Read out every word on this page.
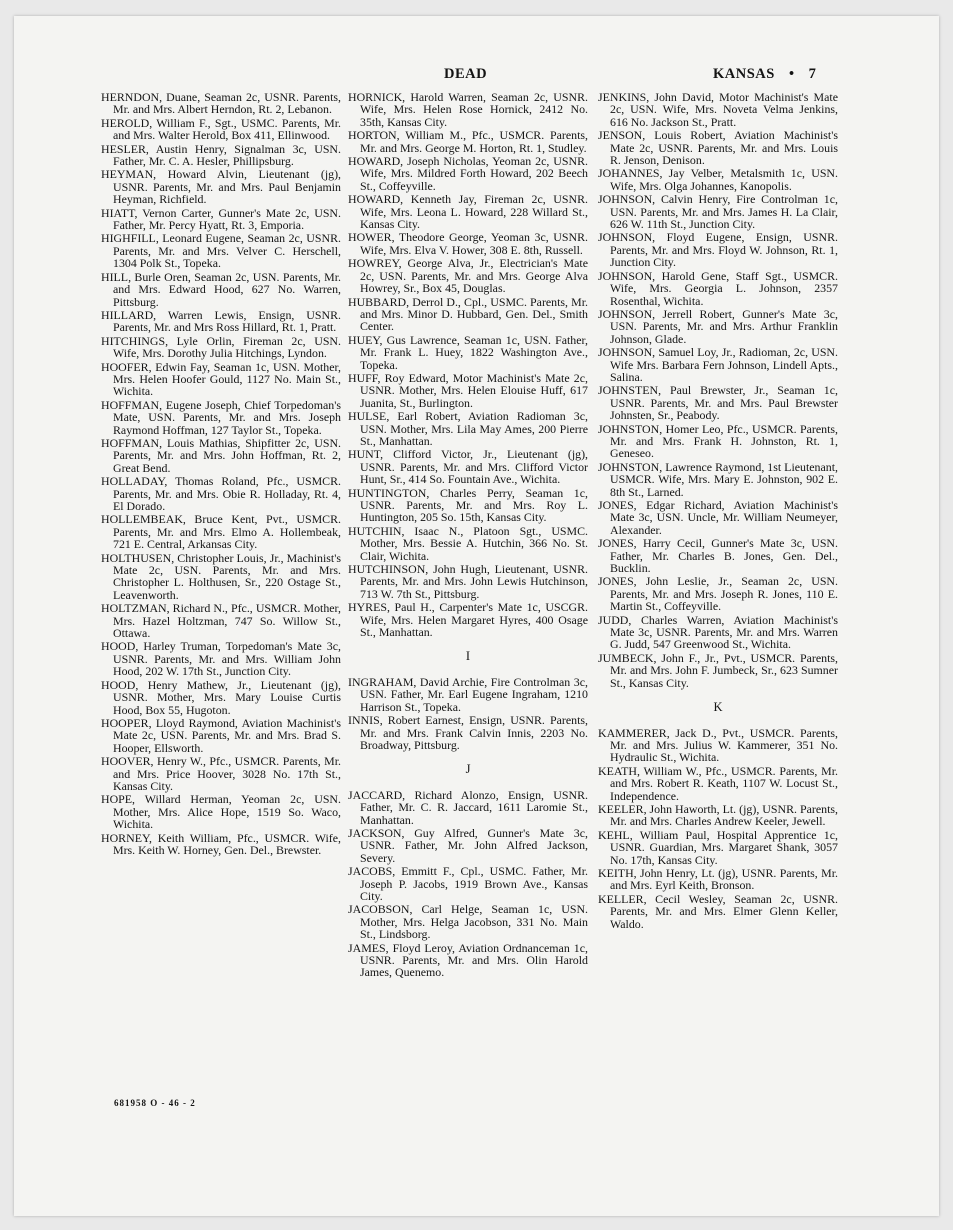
DEAD	KANSAS • 7
HERNDON, Duane, Seaman 2c, USNR. Parents, Mr. and Mrs. Albert Herndon, Rt. 2, Lebanon.
HEROLD, William F., Sgt., USMC. Parents, Mr. and Mrs. Walter Herold, Box 411, Ellinwood.
HESLER, Austin Henry, Signalman 3c, USN. Father, Mr. C. A. Hesler, Phillipsburg.
HEYMAN, Howard Alvin, Lieutenant (jg), USNR. Parents, Mr. and Mrs. Paul Benjamin Heyman, Richfield.
HIATT, Vernon Carter, Gunner's Mate 2c, USN. Father, Mr. Percy Hyatt, Rt. 3, Emporia.
HIGHFILL, Leonard Eugene, Seaman 2c, USNR. Parents, Mr. and Mrs. Velver C. Herschell, 1304 Polk St., Topeka.
HILL, Burle Oren, Seaman 2c, USN. Parents, Mr. and Mrs. Edward Hood, 627 No. Warren, Pittsburg.
HILLARD, Warren Lewis, Ensign, USNR. Parents, Mr. and Mrs Ross Hillard, Rt. 1, Pratt.
HITCHINGS, Lyle Orlin, Fireman 2c, USN. Wife, Mrs. Dorothy Julia Hitchings, Lyndon.
HOOFER, Edwin Fay, Seaman 1c, USN. Mother, Mrs. Helen Hoofer Gould, 1127 No. Main St., Wichita.
HOFFMAN, Eugene Joseph, Chief Torpedoman's Mate, USN. Parents, Mr. and Mrs. Joseph Raymond Hoffman, 127 Taylor St., Topeka.
HOFFMAN, Louis Mathias, Shipfitter 2c, USN. Parents, Mr. and Mrs. John Hoffman, Rt. 2, Great Bend.
HOLLADAY, Thomas Roland, Pfc., USMCR. Parents, Mr. and Mrs. Obie R. Holladay, Rt. 4, El Dorado.
HOLLEMBEAK, Bruce Kent, Pvt., USMCR. Parents, Mr. and Mrs. Elmo A. Hollembeak, 721 E. Central, Arkansas City.
HOLTHUSEN, Christopher Louis, Jr., Machinist's Mate 2c, USN. Parents, Mr. and Mrs. Christopher L. Holthusen, Sr., 220 Ostage St., Leavenworth.
HOLTZMAN, Richard N., Pfc., USMCR. Mother, Mrs. Hazel Holtzman, 747 So. Willow St., Ottawa.
HOOD, Harley Truman, Torpedoman's Mate 3c, USNR. Parents, Mr. and Mrs. William John Hood, 202 W. 17th St., Junction City.
HOOD, Henry Mathew, Jr., Lieutenant (jg), USNR. Mother, Mrs. Mary Louise Curtis Hood, Box 55, Hugoton.
HOOPER, Lloyd Raymond, Aviation Machinist's Mate 2c, USN. Parents, Mr. and Mrs. Brad S. Hooper, Ellsworth.
HOOVER, Henry W., Pfc., USMCR. Parents, Mr. and Mrs. Price Hoover, 3028 No. 17th St., Kansas City.
HOPE, Willard Herman, Yeoman 2c, USN. Mother, Mrs. Alice Hope, 1519 So. Waco, Wichita.
HORNEY, Keith William, Pfc., USMCR. Wife, Mrs. Keith W. Horney, Gen. Del., Brewster.
HORNICK, Harold Warren, Seaman 2c, USNR. Wife, Mrs. Helen Rose Hornick, 2412 No. 35th, Kansas City.
HORTON, William M., Pfc., USMCR. Parents, Mr. and Mrs. George M. Horton, Rt. 1, Studley.
HOWARD, Joseph Nicholas, Yeoman 2c, USNR. Wife, Mrs. Mildred Forth Howard, 202 Beech St., Coffeyville.
HOWARD, Kenneth Jay, Fireman 2c, USNR. Wife, Mrs. Leona L. Howard, 228 Willard St., Kansas City.
HOWER, Theodore George, Yeoman 3c, USNR. Wife, Mrs. Elva V. Hower, 308 E. 8th, Russell.
HOWREY, George Alva, Jr., Electrician's Mate 2c, USN. Parents, Mr. and Mrs. George Alva Howrey, Sr., Box 45, Douglas.
HUBBARD, Derrol D., Cpl., USMC. Parents, Mr. and Mrs. Minor D. Hubbard, Gen. Del., Smith Center.
HUEY, Gus Lawrence, Seaman 1c, USN. Father, Mr. Frank L. Huey, 1822 Washington Ave., Topeka.
HUFF, Roy Edward, Motor Machinist's Mate 2c, USNR. Mother, Mrs. Helen Elouise Huff, 617 Juanita, St., Burlington.
HULSE, Earl Robert, Aviation Radioman 3c, USN. Mother, Mrs. Lila May Ames, 200 Pierre St., Manhattan.
HUNT, Clifford Victor, Jr., Lieutenant (jg), USNR. Parents, Mr. and Mrs. Clifford Victor Hunt, Sr., 414 So. Fountain Ave., Wichita.
HUNTINGTON, Charles Perry, Seaman 1c, USNR. Parents, Mr. and Mrs. Roy L. Huntington, 205 So. 15th, Kansas City.
HUTCHIN, Isaac N., Platoon Sgt., USMC. Mother, Mrs. Bessie A. Hutchin, 366 No. St. Clair, Wichita.
HUTCHINSON, John Hugh, Lieutenant, USNR. Parents, Mr. and Mrs. John Lewis Hutchinson, 713 W. 7th St., Pittsburg.
HYRES, Paul H., Carpenter's Mate 1c, USCGR. Wife, Mrs. Helen Margaret Hyres, 400 Osage St., Manhattan.
I
INGRAHAM, David Archie, Fire Controlman 3c, USN. Father, Mr. Earl Eugene Ingraham, 1210 Harrison St., Topeka.
INNIS, Robert Earnest, Ensign, USNR. Parents, Mr. and Mrs. Frank Calvin Innis, 2203 No. Broadway, Pittsburg.
J
JACCARD, Richard Alonzo, Ensign, USNR. Father, Mr. C. R. Jaccard, 1611 Laromie St., Manhattan.
JACKSON, Guy Alfred, Gunner's Mate 3c, USNR. Father, Mr. John Alfred Jackson, Severy.
JACOBS, Emmitt F., Cpl., USMC. Father, Mr. Joseph P. Jacobs, 1919 Brown Ave., Kansas City.
JACOBSON, Carl Helge, Seaman 1c, USN. Mother, Mrs. Helga Jacobson, 331 No. Main St., Lindsborg.
JAMES, Floyd Leroy, Aviation Ordnanceman 1c, USNR. Parents, Mr. and Mrs. Olin Harold James, Quenemo.
JENKINS, John David, Motor Machinist's Mate 2c, USN. Wife, Mrs. Noveta Velma Jenkins, 616 No. Jackson St., Pratt.
JENSON, Louis Robert, Aviation Machinist's Mate 2c, USNR. Parents, Mr. and Mrs. Louis R. Jenson, Denison.
JOHANNES, Jay Velber, Metalsmith 1c, USN. Wife, Mrs. Olga Johannes, Kanopolis.
JOHNSON, Calvin Henry, Fire Controlman 1c, USN. Parents, Mr. and Mrs. James H. La Clair, 626 W. 11th St., Junction City.
JOHNSON, Floyd Eugene, Ensign, USNR. Parents, Mr. and Mrs. Floyd W. Johnson, Rt. 1, Junction City.
JOHNSON, Harold Gene, Staff Sgt., USMCR. Wife, Mrs. Georgia L. Johnson, 2357 Rosenthal, Wichita.
JOHNSON, Jerrell Robert, Gunner's Mate 3c, USN. Parents, Mr. and Mrs. Arthur Franklin Johnson, Glade.
JOHNSON, Samuel Loy, Jr., Radioman, 2c, USN. Wife Mrs. Barbara Fern Johnson, Lindell Apts., Salina.
JOHNSTEN, Paul Brewster, Jr., Seaman 1c, USNR. Parents, Mr. and Mrs. Paul Brewster Johnsten, Sr., Peabody.
JOHNSTON, Homer Leo, Pfc., USMCR. Parents, Mr. and Mrs. Frank H. Johnston, Rt. 1, Geneseo.
JOHNSTON, Lawrence Raymond, 1st Lieutenant, USMCR. Wife, Mrs. Mary E. Johnston, 902 E. 8th St., Larned.
JONES, Edgar Richard, Aviation Machinist's Mate 3c, USN. Uncle, Mr. William Neumeyer, Alexander.
JONES, Harry Cecil, Gunner's Mate 3c, USN. Father, Mr. Charles B. Jones, Gen. Del., Bucklin.
JONES, John Leslie, Jr., Seaman 2c, USN. Parents, Mr. and Mrs. Joseph R. Jones, 110 E. Martin St., Coffeyville.
JUDD, Charles Warren, Aviation Machinist's Mate 3c, USNR. Parents, Mr. and Mrs. Warren G. Judd, 547 Greenwood St., Wichita.
JUMBECK, John F., Jr., Pvt., USMCR. Parents, Mr. and Mrs. John F. Jumbeck, Sr., 623 Sumner St., Kansas City.
K
KAMMERER, Jack D., Pvt., USMCR. Parents, Mr. and Mrs. Julius W. Kammerer, 351 No. Hydraulic St., Wichita.
KEATH, William W., Pfc., USMCR. Parents, Mr. and Mrs. Robert R. Keath, 1107 W. Locust St., Independence.
KEELER, John Haworth, Lt. (jg), USNR. Parents, Mr. and Mrs. Charles Andrew Keeler, Jewell.
KEHL, William Paul, Hospital Apprentice 1c, USNR. Guardian, Mrs. Margaret Shank, 3057 No. 17th, Kansas City.
KEITH, John Henry, Lt. (jg), USNR. Parents, Mr. and Mrs. Eyrl Keith, Bronson.
KELLER, Cecil Wesley, Seaman 2c, USNR. Parents, Mr. and Mrs. Elmer Glenn Keller, Waldo.
681958 O - 46 - 2
